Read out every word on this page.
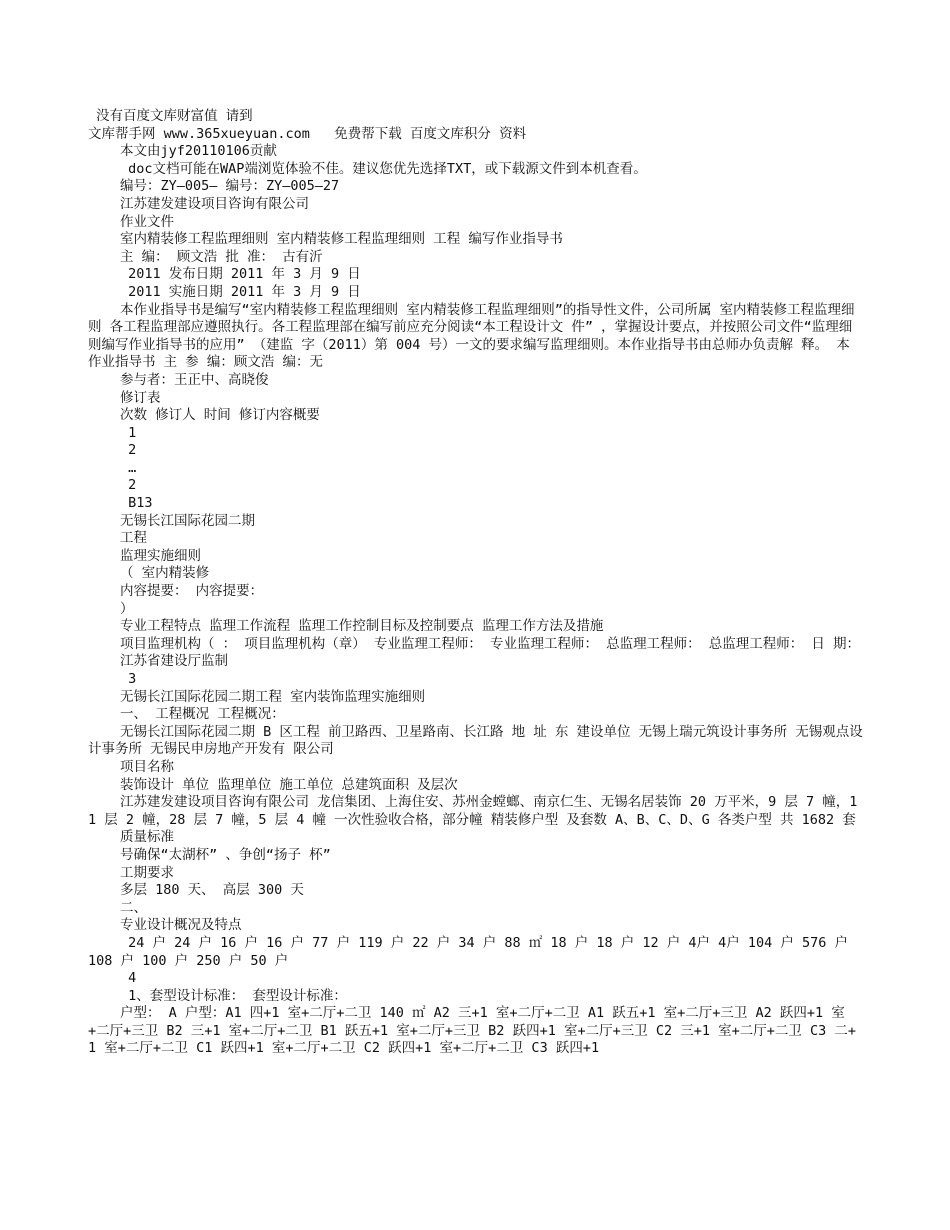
没有百度文库财富值 请到
文库帮手网 www.365xueyuan.com   免费帮下载 百度文库积分 资料
本文由jyf20110106贡献
doc文档可能在WAP端浏览体验不佳。建议您优先选择TXT，或下载源文件到本机查看。
编号：ZY—005— 编号：ZY—005—27
江苏建发建设项目咨询有限公司
作业文件
室内精装修工程监理细则 室内精装修工程监理细则 工程 编写作业指导书
主 编： 顾文浩 批 准： 古有沂
2011 发布日期 2011 年 3 月 9 日
2011 实施日期 2011 年 3 月 9 日
本作业指导书是编写“室内精装修工程监理细则 室内精装修工程监理细则”的指导性文件，公司所属 室内精装修工程监理细则 各工程监理部应遵照执行。各工程监理部在编写前应充分阅读“本工程设计文 件” ，掌握设计要点，并按照公司文件“监理细则编写作业指导书的应用” （建监 字（2011）第 004 号）一文的要求编写监理细则。本作业指导书由总师办负责解 释。 本作业指导书 主 参 编：顾文浩 编：无
参与者：王正中、高晓俊
修订表
次数 修订人 时间 修订内容概要
1
2
…
2
B13
无锡长江国际花园二期
工程
监理实施细则
（ 室内精装修
内容提要： 内容提要：
）
专业工程特点 监理工作流程 监理工作控制目标及控制要点 监理工作方法及措施
项目监理机构（ ： 项目监理机构（章） 专业监理工程师： 专业监理工程师： 总监理工程师： 总监理工程师： 日 期：
江苏省建设厅监制
3
无锡长江国际花园二期工程 室内装饰监理实施细则
一、 工程概况 工程概况：
无锡长江国际花园二期 B 区工程 前卫路西、卫星路南、长江路 地 址 东 建设单位 无锡上瑞元筑设计事务所 无锡观点设计事务所 无锡民申房地产开发有 限公司
项目名称
装饰设计 单位 监理单位 施工单位 总建筑面积 及层次
江苏建发建设项目咨询有限公司 龙信集团、上海住安、苏州金螳螂、南京仁生、无锡名居装饰 20 万平米，9 层 7 幢，11 层 2 幢，28 层 7 幢，5 层 4 幢 一次性验收合格，部分幢 精装修户型 及套数 A、B、C、D、G 各类户型 共 1682 套
质量标准
号确保“太湖杯” 、争创“扬子 杯”
工期要求
多层 180 天、 高层 300 天
二、
专业设计概况及特点
24 户 24 户 16 户 16 户 77 户 119 户 22 户 34 户 88 ㎡ 18 户 18 户 12 户 4户 4户 104 户 576 户 108 户 100 户 250 户 50 户
4
1、套型设计标准： 套型设计标准：
户型： A 户型：A1 四+1 室+二厅+二卫 140 ㎡ A2 三+1 室+二厅+二卫 A1 跃五+1 室+二厅+三卫 A2 跃四+1 室+二厅+三卫 B2 三+1 室+二厅+二卫 B1 跃五+1 室+二厅+三卫 B2 跃四+1 室+二厅+三卫 C2 三+1 室+二厅+二卫 C3 二+1 室+二厅+二卫 C1 跃四+1 室+二厅+二卫 C2 跃四+1 室+二厅+二卫 C3 跃四+1
